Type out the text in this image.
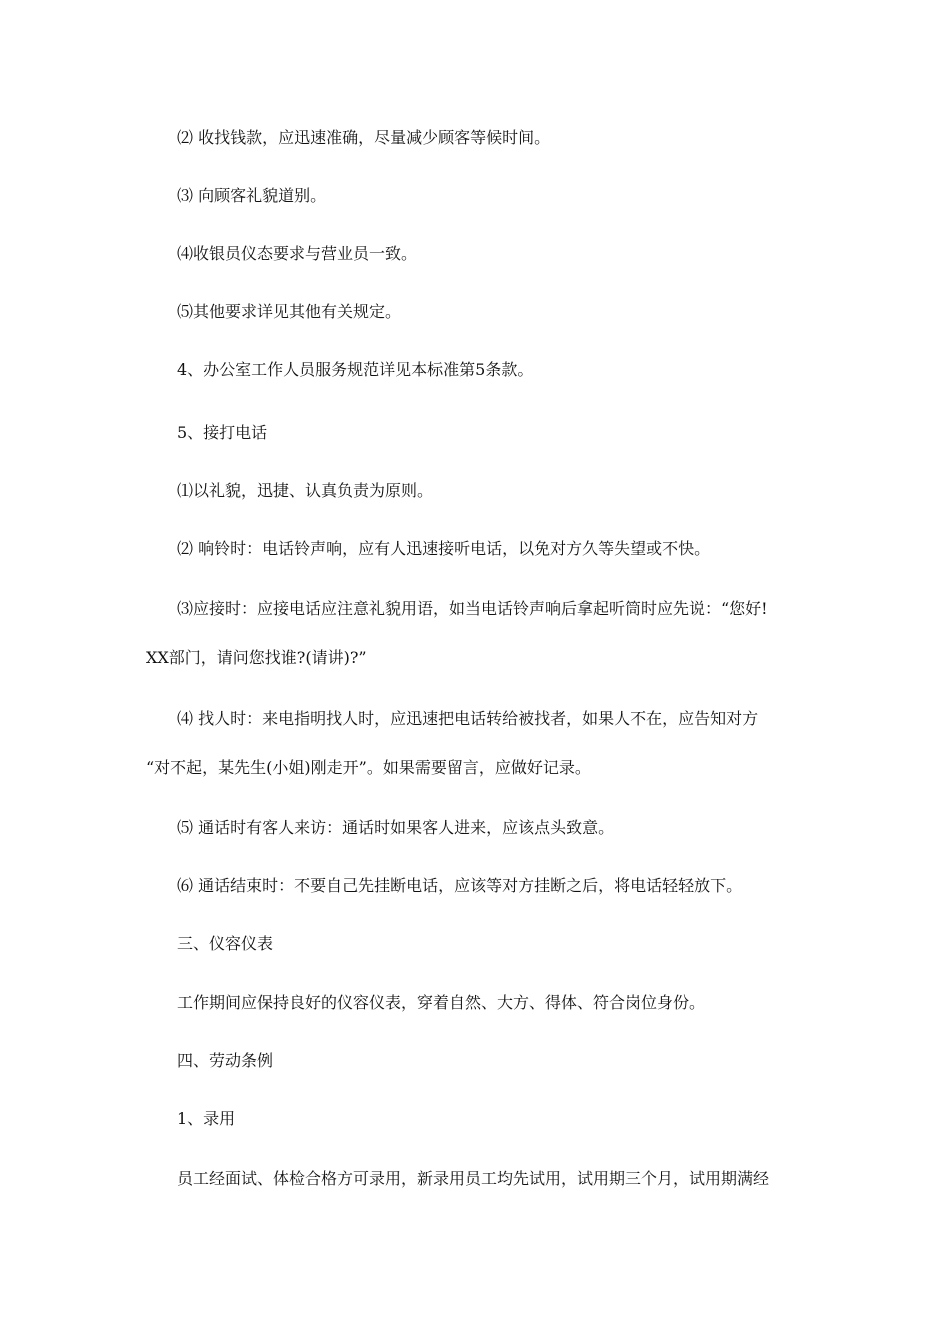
⑵ 收找钱款，应迅速准确，尽量减少顾客等候时间。

⑶ 向顾客礼貌道别。

⑷收银员仪态要求与营业员一致。

⑸其他要求详见其他有关规定。

4、办公室工作人员服务规范详见本标准第5条款。

5、接打电话

⑴以礼貌，迅捷、认真负责为原则。

⑵ 响铃时：电话铃声响，应有人迅速接听电话，以免对方久等失望或不快。

⑶应接时：应接电话应注意礼貌用语，如当电话铃声响后拿起听筒时应先说：“您好!

XX部门，请问您找谁?(请讲)?”

⑷ 找人时：来电指明找人时，应迅速把电话转给被找者，如果人不在，应告知对方

“对不起，某先生(小姐)刚走开”。如果需要留言，应做好记录。

⑸ 通话时有客人来访：通话时如果客人进来，应该点头致意。

⑹ 通话结束时：不要自己先挂断电话，应该等对方挂断之后，将电话轻轻放下。

三、仪容仪表

工作期间应保持良好的仪容仪表，穿着自然、大方、得体、符合岗位身份。

四、劳动条例

1、录用

员工经面试、体检合格方可录用，新录用员工均先试用，试用期三个月，试用期满经
